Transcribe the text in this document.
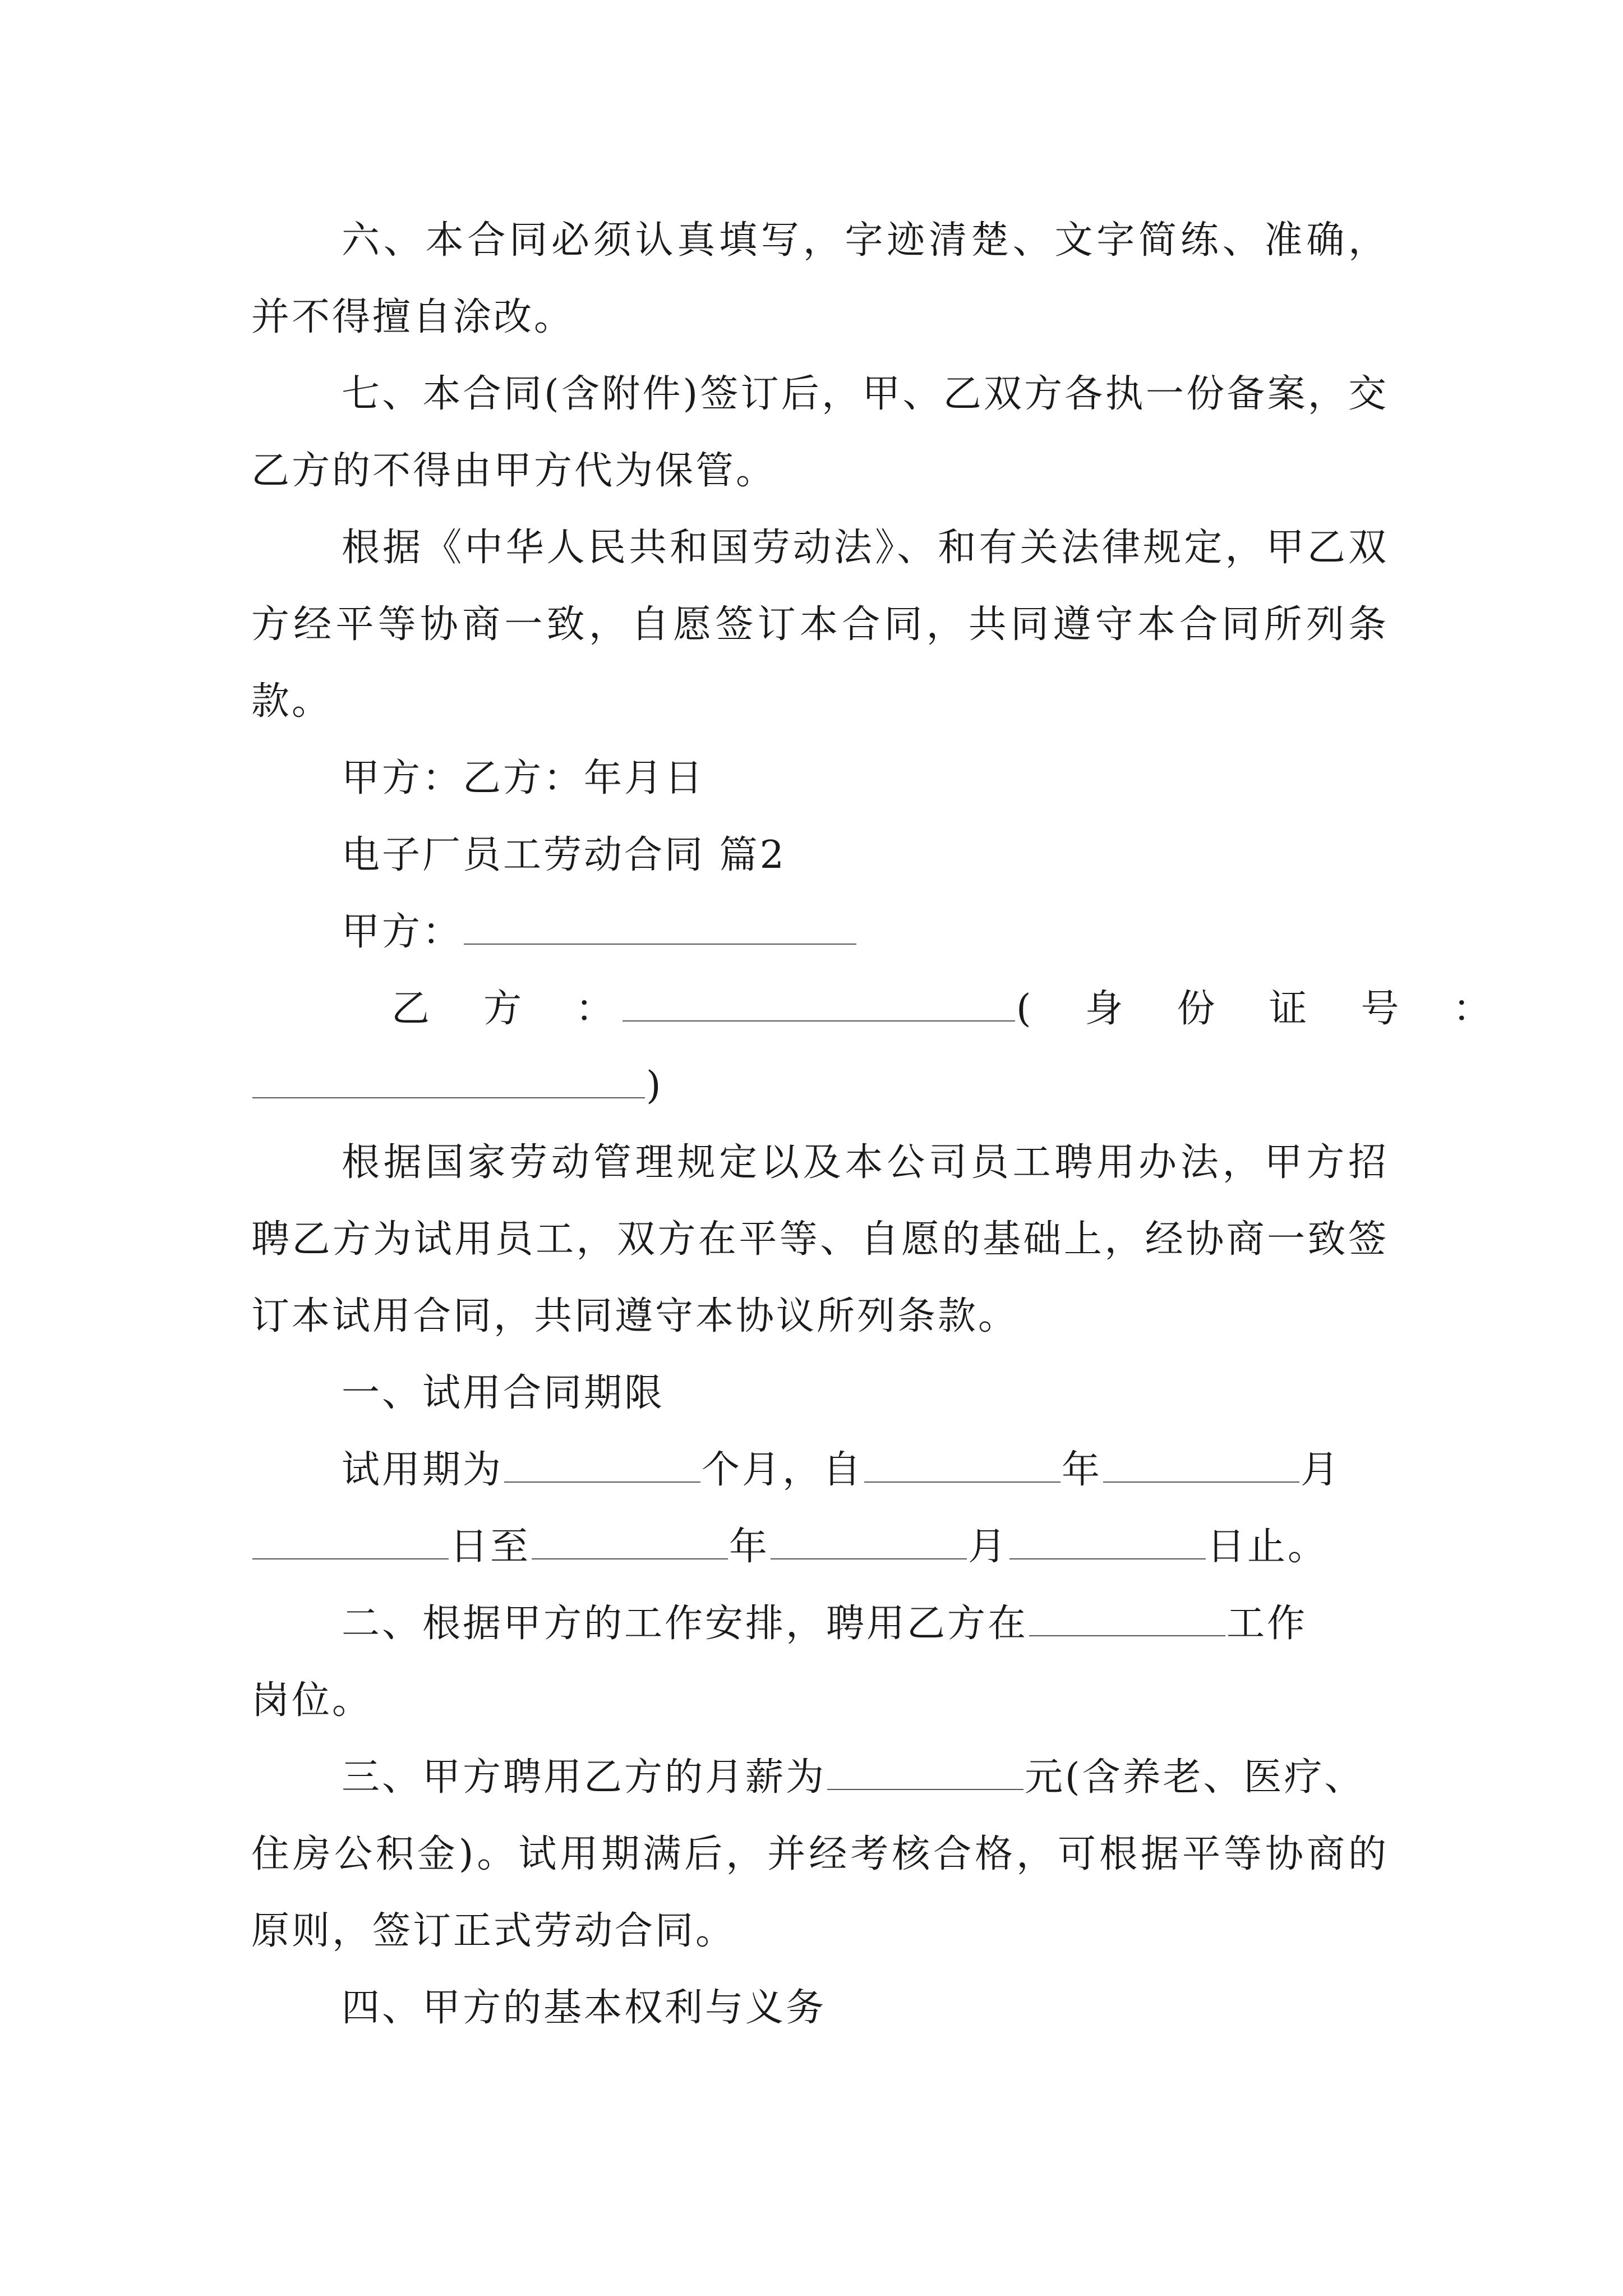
六、本合同必须认真填写，字迹清楚、文字简练、准确，并不得擅自涂改。

七、本合同(含附件)签订后，甲、乙双方各执一份备案，交乙方的不得由甲方代为保管。

根据《中华人民共和国劳动法》、和有关法律规定，甲乙双方经平等协商一致，自愿签订本合同，共同遵守本合同所列条款。

甲方：乙方：年月日

电子厂员工劳动合同 篇2

甲方：

乙　方　：	(　身　份　证　号　：

)

根据国家劳动管理规定以及本公司员工聘用办法，甲方招聘乙方为试用员工，双方在平等、自愿的基础上，经协商一致签订本试用合同，共同遵守本协议所列条款。

一、试用合同期限

试用期为	个月，自	年	月

日至	年	月	日止。

二、根据甲方的工作安排，聘用乙方在	工作

岗位。

三、甲方聘用乙方的月薪为	元(含养老、医疗、

住房公积金)。试用期满后，并经考核合格，可根据平等协商的原则，签订正式劳动合同。

四、甲方的基本权利与义务
